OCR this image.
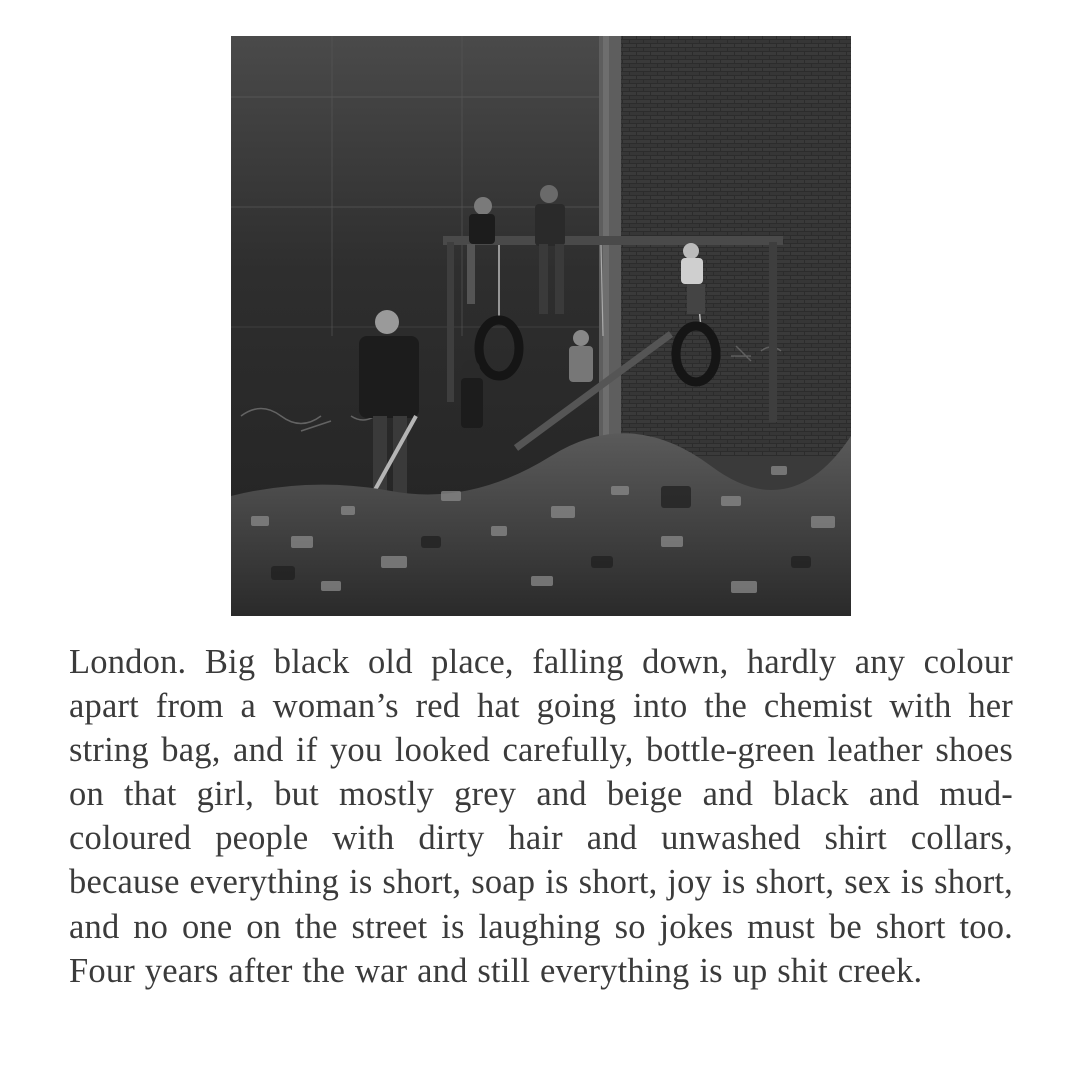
London. Big black old place, falling down, hardly any colour apart from a woman’s red hat going into the chemist with her string bag, and if you looked carefully, bottle-green leather shoes on that girl, but mostly grey and beige and black and mud-coloured people with dirty hair and unwashed shirt collars, because everything is short, soap is short, joy is short, sex is short, and no one on the street is laughing so jokes must be short too. Four years after the war and still everything is up shit creek.
